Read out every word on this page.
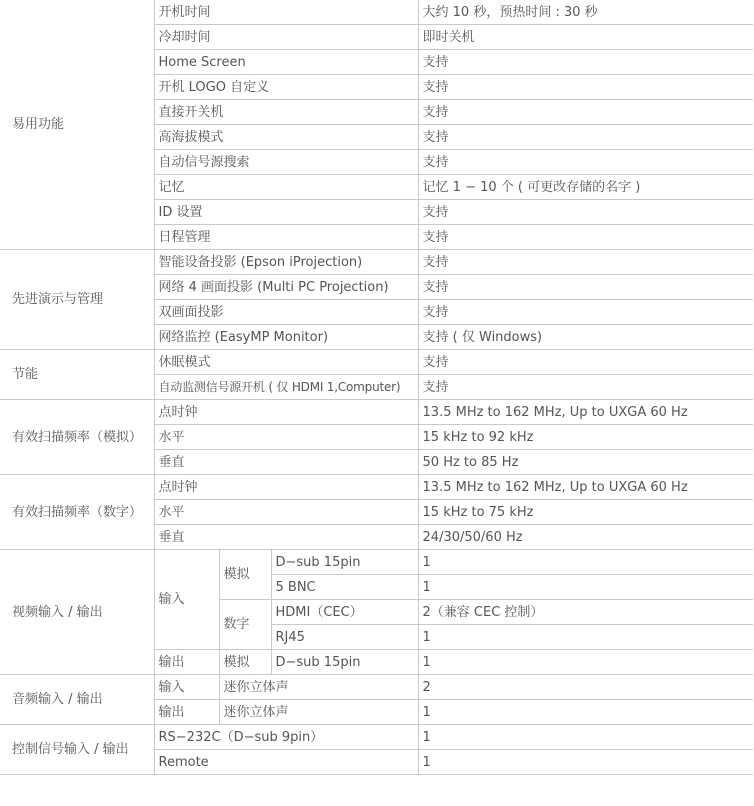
易用功能	开机时间			大约 10 秒，预热时间 : 30 秒
	冷却时间			即时关机
	Home Screen			支持
	开机 LOGO 自定义			支持
	直接开关机			支持
	高海拔模式			支持
	自动信号源搜索			支持
	记忆			记忆 1 − 10 个 ( 可更改存储的名字 )
	ID 设置			支持
	日程管理			支持
先进演示与管理	智能设备投影 (Epson iProjection)			支持
	网络 4 画面投影 (Multi PC Projection)			支持
	双画面投影			支持
	网络监控 (EasyMP Monitor)			支持 ( 仅 Windows)
节能	休眠模式			支持
	自动监测信号源开机 ( 仅 HDMI 1,Computer)			支持
有效扫描频率（模拟）	点时钟			13.5 MHz to 162 MHz, Up to UXGA 60 Hz
	水平			15 kHz to 92 kHz
	垂直			50 Hz to 85 Hz
有效扫描频率（数字）	点时钟			13.5 MHz to 162 MHz, Up to UXGA 60 Hz
	水平			15 kHz to 75 kHz
	垂直			24/30/50/60 Hz
视频输入 / 输出	输入	模拟	D−sub 15pin	1
			5 BNC	1
		数字	HDMI（CEC）	2（兼容 CEC 控制）
			RJ45	1
	输出	模拟	D−sub 15pin	1
音频输入 / 输出	输入	迷你立体声		2
	输出	迷你立体声		1
控制信号输入 / 输出	RS−232C（D−sub 9pin）			1
	Remote			1
